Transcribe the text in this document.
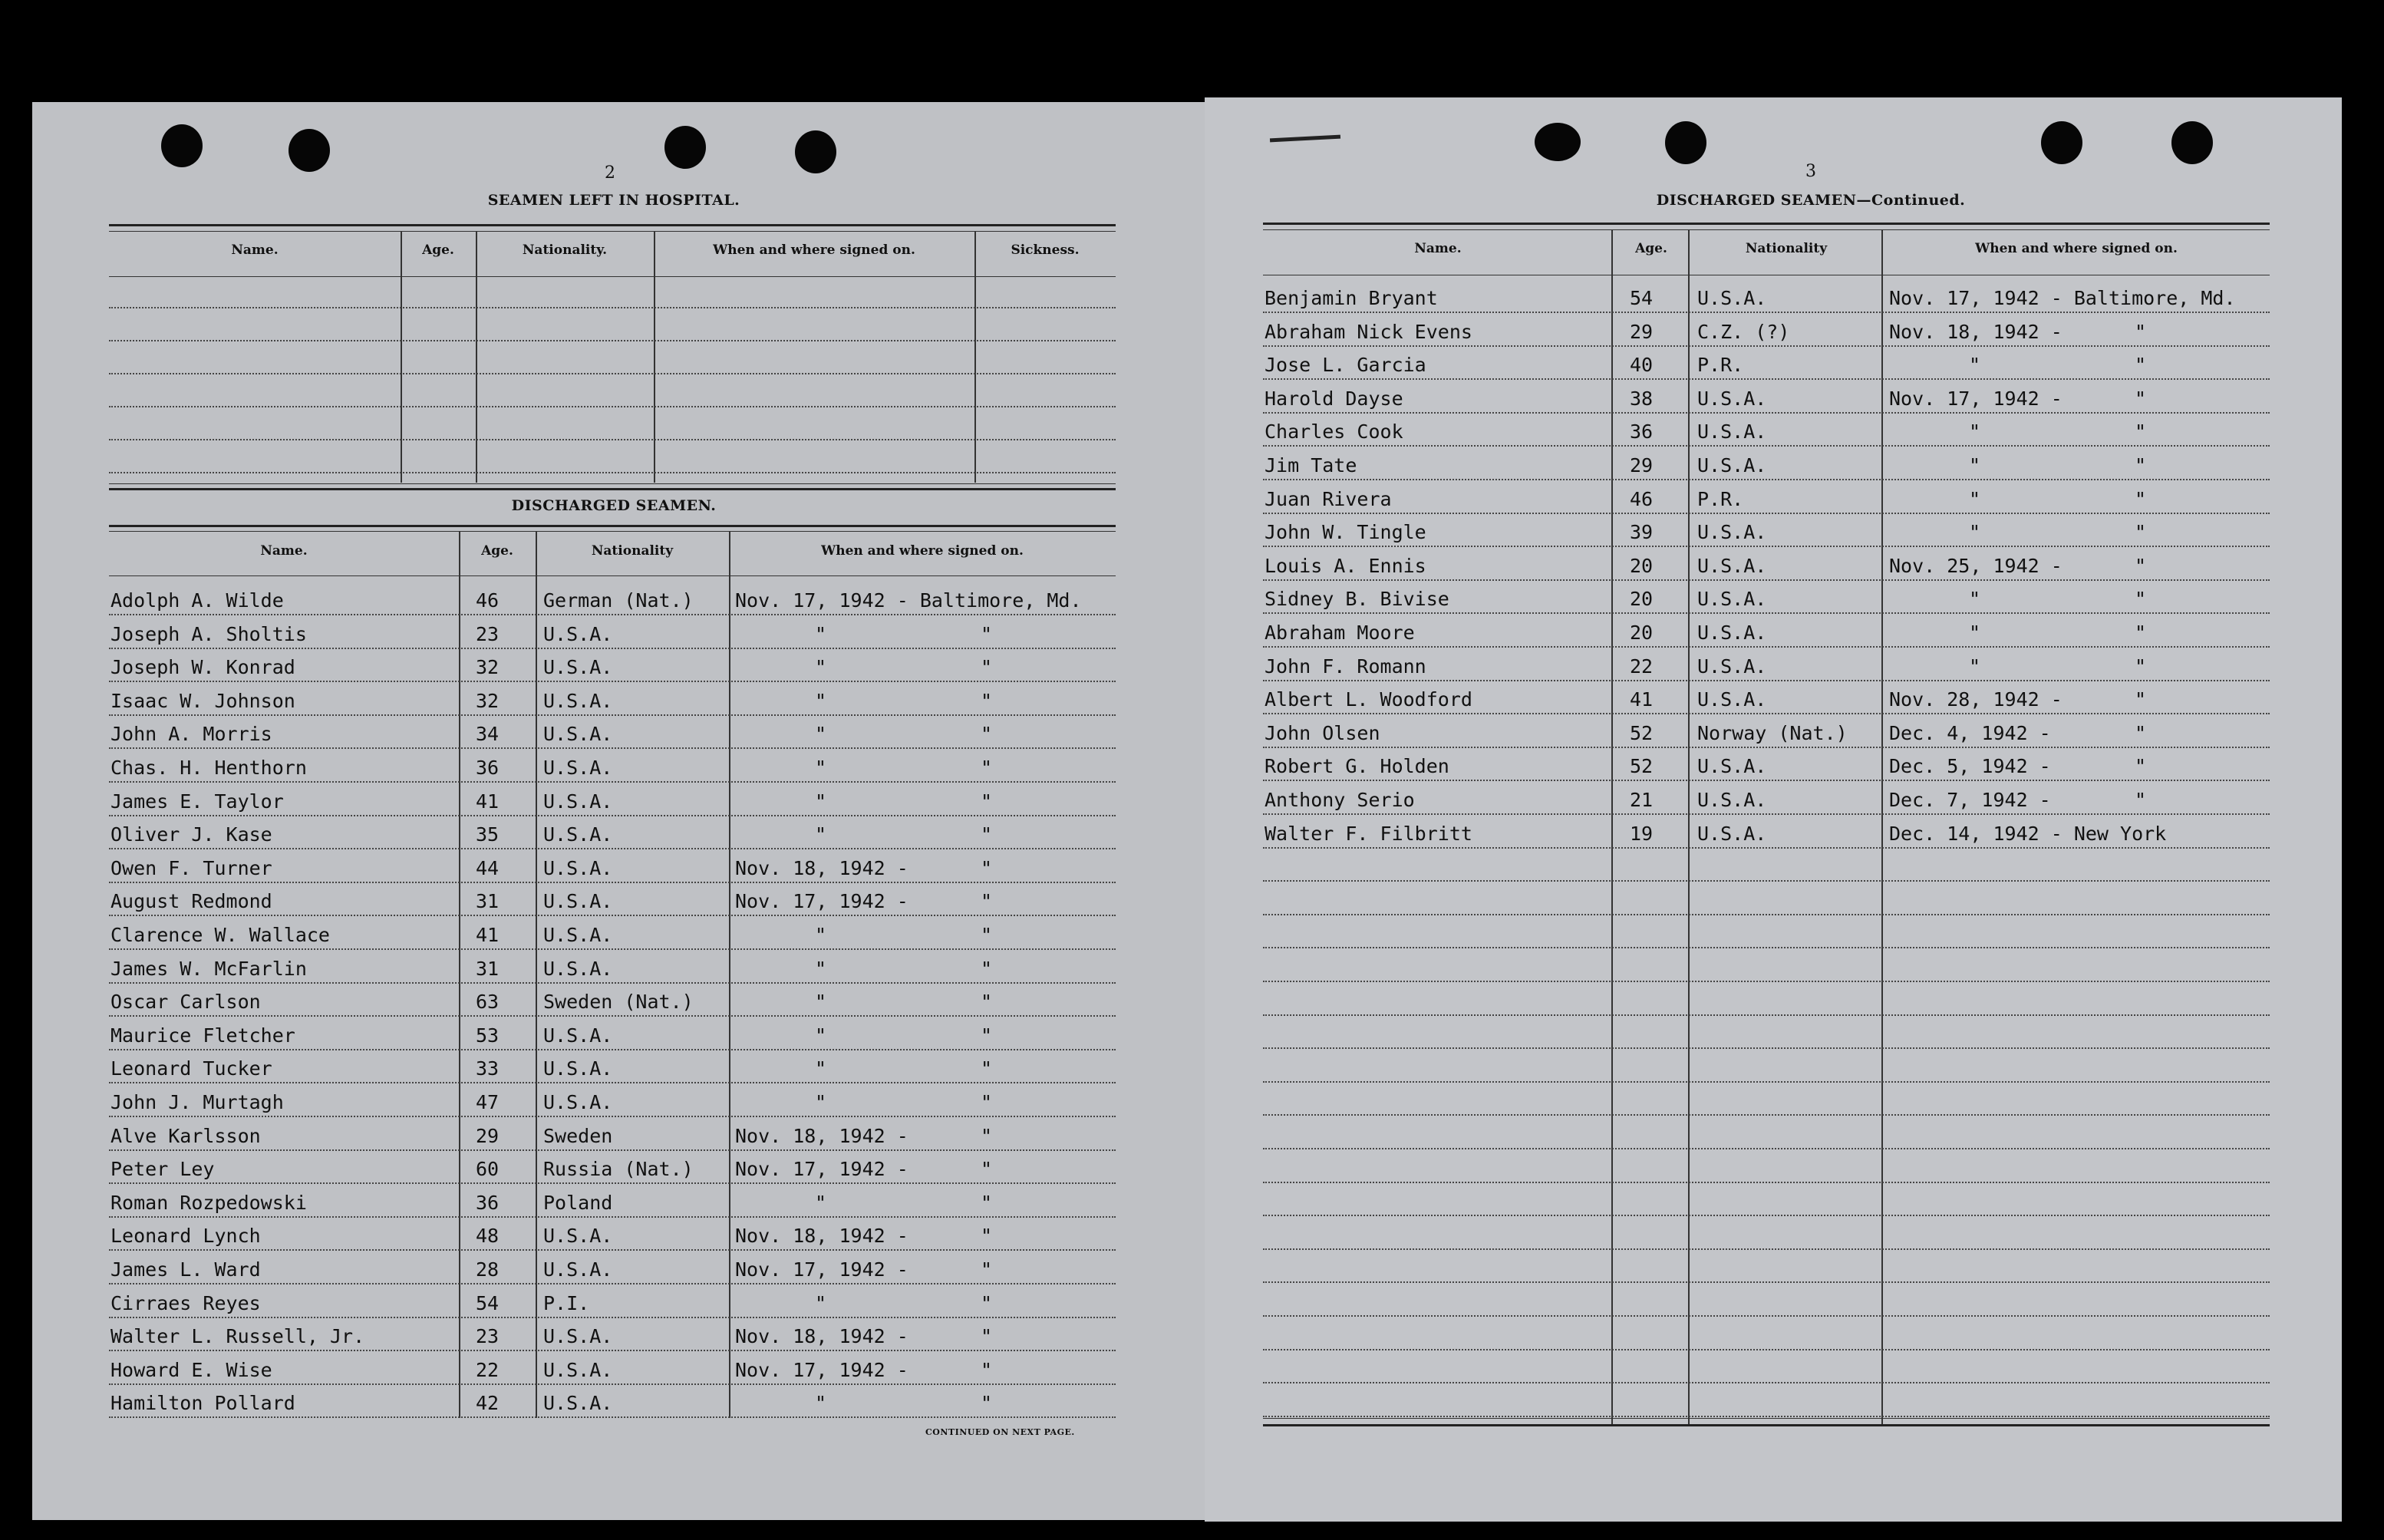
2
SEAMEN LEFT IN HOSPITAL.
Name.	Age.	Nationality.	When and where signed on.	Sickness.
DISCHARGED SEAMEN.
Name.	Age.	Nationality	When and where signed on.
Adolph A. Wilde	46 German (Nat.) Nov. 17, 1942 - Baltimore, Md.
Joseph A. Sholtis	23 U.S.A.	"	"
Joseph W. Konrad	32 U.S.A.	"	"
Isaac W. Johnson	32 U.S.A.	"	"
John A. Morris	34 U.S.A.	"	"
Chas. H. Henthorn	36 U.S.A.	"	"
James E. Taylor	41 U.S.A.	"	"
Oliver J. Kase	35 U.S.A.	"	"
Owen F. Turner	44 U.S.A.	Nov. 18, 1942 -	"
August Redmond	31 U.S.A.	Nov. 17, 1942 -	"
Clarence W. Wallace	41 U.S.A.	"	"
James W. McFarlin	31 U.S.A.	"	"
Oscar Carlson	63 Sweden (Nat.)	"	"
Maurice Fletcher	53 U.S.A.	"	"
Leonard Tucker	33 U.S.A.	"	"
John J. Murtagh	47 U.S.A.	"	"
Alve Karlsson	29 Sweden	Nov. 18, 1942 -	"
Peter Ley	60 Russia (Nat.) Nov. 17, 1942 -	"
Roman Rozpedowski	36 Poland	"	"
Leonard Lynch	48 U.S.A.	Nov. 18, 1942 -	"
James L. Ward	28 U.S.A.	Nov. 17, 1942 -	"
Cirraes Reyes	54 P.I.	"	"
Walter L. Russell, Jr.	23 U.S.A.	Nov. 18, 1942 -	"
Howard E. Wise	22 U.S.A.	Nov. 17, 1942 -	"
Hamilton Pollard	42 U.S.A.	"	"
CONTINUED ON NEXT PAGE.
3
DISCHARGED SEAMEN—Continued.
Name.	Age.	Nationality	When and where signed on.
Benjamin Bryant	54 U.S.A.	Nov. 17, 1942 - Baltimore, Md.
Abraham Nick Evens	29 C.Z. (?)	Nov. 18, 1942 -	"
Jose L. Garcia	40 P.R.	"	"
Harold Dayse	38 U.S.A.	Nov. 17, 1942 -	"
Charles Cook	36 U.S.A.	"	"
Jim Tate	29 U.S.A.	"	"
Juan Rivera	46 P.R.	"	"
John W. Tingle	39 U.S.A.	"	"
Louis A. Ennis	20 U.S.A.	Nov. 25, 1942 -	"
Sidney B. Bivise	20 U.S.A.	"	"
Abraham Moore	20 U.S.A.	"	"
John F. Romann	22 U.S.A.	"	"
Albert L. Woodford	41 U.S.A.	Nov. 28, 1942 -	"
John Olsen	52 Norway (Nat.) Dec. 4, 1942 -	"
Robert G. Holden	52 U.S.A.	Dec. 5, 1942 -	"
Anthony Serio	21 U.S.A.	Dec. 7, 1942 -	"
Walter F. Filbritt	19 U.S.A.	Dec. 14, 1942 - New York
